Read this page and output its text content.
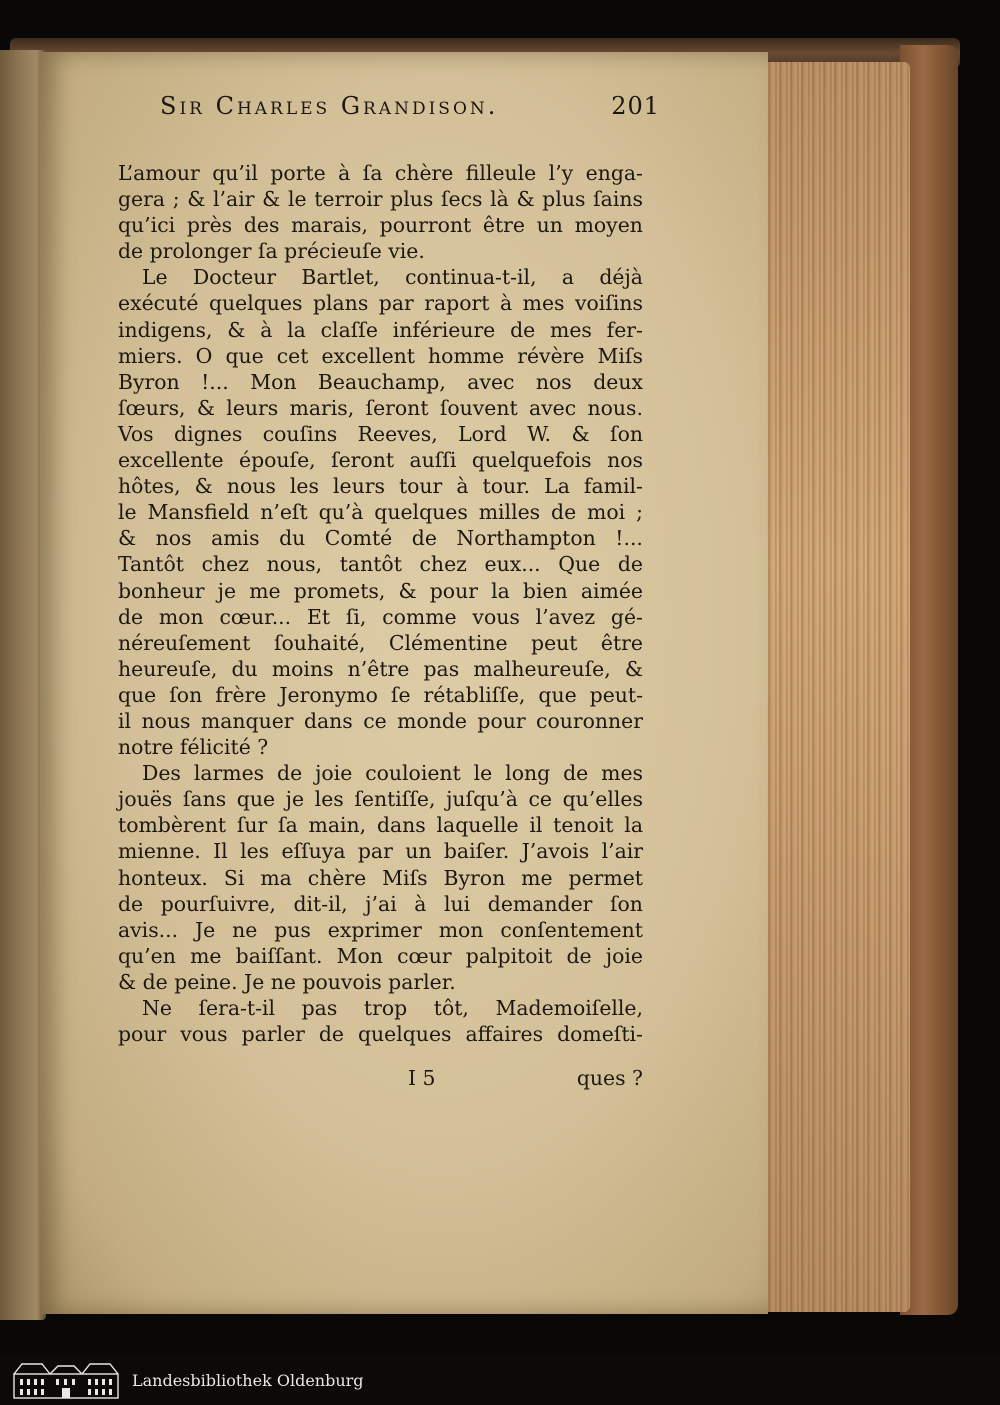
Sir Charles Grandison.	201
L’amour qu’il porte à ſa chère filleule l’y enga-
gera ; & l’air & le terroir plus ſecs là & plus ſains
qu’ici près des marais, pourront être un moyen
de prolonger ſa précieuſe vie.
Le Docteur Bartlet, continua-t-il, a déjà
exécuté quelques plans par raport à mes voiſins
indigens, & à la claſſe inférieure de mes fer-
miers. O que cet excellent homme révère Miſs
Byron !... Mon Beauchamp, avec nos deux
ſœurs, & leurs maris, ſeront ſouvent avec nous.
Vos dignes couſins Reeves, Lord W. & ſon
excellente épouſe, ſeront auſſi quelquefois nos
hôtes, & nous les leurs tour à tour. La famil-
le Mansfield n’eſt qu’à quelques milles de moi ;
& nos amis du Comté de Northampton !...
Tantôt chez nous, tantôt chez eux... Que de
bonheur je me promets, & pour la bien aimée
de mon cœur... Et ſi, comme vous l’avez gé-
néreuſement ſouhaité, Clémentine peut être
heureuſe, du moins n’être pas malheureuſe, &
que ſon frère Jeronymo ſe rétabliſſe, que peut-
il nous manquer dans ce monde pour couronner
notre félicité ?
Des larmes de joie couloient le long de mes
jouës ſans que je les ſentiſſe, juſqu’à ce qu’elles
tombèrent ſur ſa main, dans laquelle il tenoit la
mienne. Il les eſſuya par un baiſer. J’avois l’air
honteux. Si ma chère Miſs Byron me permet
de pourſuivre, dit-il, j’ai à lui demander ſon
avis... Je ne pus exprimer mon conſentement
qu’en me baiſſant. Mon cœur palpitoit de joie
& de peine. Je ne pouvois parler.
Ne ſera-t-il pas trop tôt, Mademoiſelle,
pour vous parler de quelques affaires domeſti-
I 5	ques ?
Landesbibliothek Oldenburg
